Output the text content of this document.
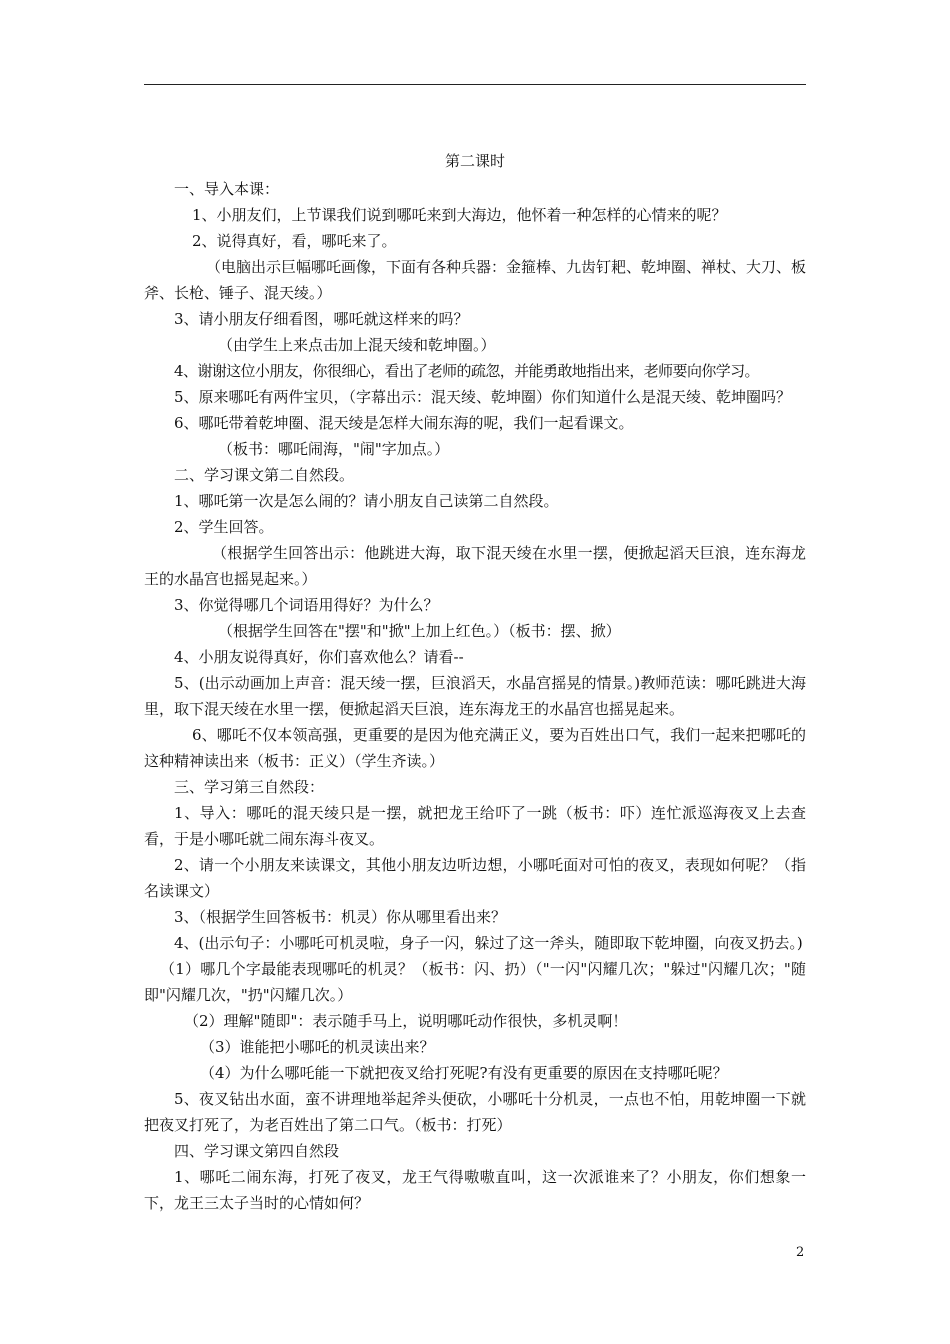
第二课时

一、导入本课：

1、小朋友们，上节课我们说到哪吒来到大海边，他怀着一种怎样的心情来的呢？

2、说得真好，看，哪吒来了。

（电脑出示巨幅哪吒画像，下面有各种兵器：金箍棒、九齿钉耙、乾坤圈、禅杖、大刀、板斧、长枪、锤子、混天绫。）

3、请小朋友仔细看图，哪吒就这样来的吗？

（由学生上来点击加上混天绫和乾坤圈。）

4、谢谢这位小朋友，你很细心，看出了老师的疏忽，并能勇敢地指出来，老师要向你学习。

5、原来哪吒有两件宝贝，（字幕出示：混天绫、乾坤圈）你们知道什么是混天绫、乾坤圈吗？

6、哪吒带着乾坤圈、混天绫是怎样大闹东海的呢，我们一起看课文。

（板书：哪吒闹海，"闹"字加点。）

二、学习课文第二自然段。

1、哪吒第一次是怎么闹的？请小朋友自己读第二自然段。

2、学生回答。

（根据学生回答出示：他跳进大海，取下混天绫在水里一摆，便掀起滔天巨浪，连东海龙王的水晶宫也摇晃起来。）

3、你觉得哪几个词语用得好？为什么？

（根据学生回答在"摆"和"掀"上加上红色。）（板书：摆、掀）

4、小朋友说得真好，你们喜欢他么？请看--

5、(出示动画加上声音：混天绫一摆，巨浪滔天，水晶宫摇晃的情景。)教师范读：哪吒跳进大海里，取下混天绫在水里一摆，便掀起滔天巨浪，连东海龙王的水晶宫也摇晃起来。

6、哪吒不仅本领高强，更重要的是因为他充满正义，要为百姓出口气，我们一起来把哪吒的这种精神读出来（板书：正义）（学生齐读。）

三、学习第三自然段：

1、导入：哪吒的混天绫只是一摆，就把龙王给吓了一跳（板书：吓）连忙派巡海夜叉上去查看，于是小哪吒就二闹东海斗夜叉。

2、请一个小朋友来读课文，其他小朋友边听边想，小哪吒面对可怕的夜叉，表现如何呢？（指名读课文）

3、（根据学生回答板书：机灵）你从哪里看出来？

4、(出示句子：小哪吒可机灵啦，身子一闪，躲过了这一斧头，随即取下乾坤圈，向夜叉扔去。)

（1）哪几个字最能表现哪吒的机灵？（板书：闪、扔）（"一闪"闪耀几次；"躲过"闪耀几次；"随即"闪耀几次，"扔"闪耀几次。）

（2）理解"随即"：表示随手马上，说明哪吒动作很快，多机灵啊！

（3）谁能把小哪吒的机灵读出来？

（4）为什么哪吒能一下就把夜叉给打死呢?有没有更重要的原因在支持哪吒呢？

5、夜叉钻出水面，蛮不讲理地举起斧头便砍，小哪吒十分机灵，一点也不怕，用乾坤圈一下就把夜叉打死了，为老百姓出了第二口气。（板书：打死）

四、学习课文第四自然段

1、哪吒二闹东海，打死了夜叉，龙王气得嗷嗷直叫，这一次派谁来了？小朋友，你们想象一下，龙王三太子当时的心情如何？

2
